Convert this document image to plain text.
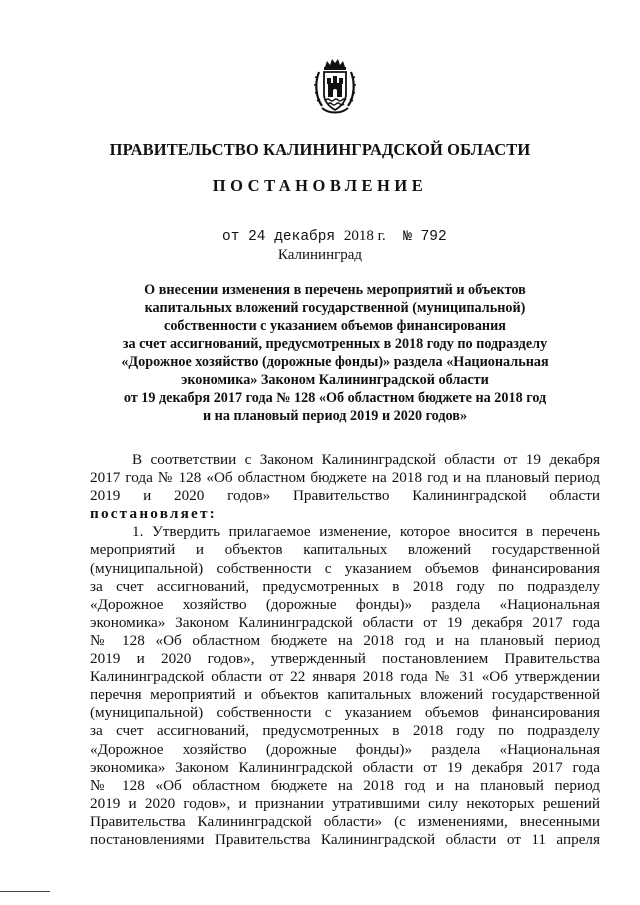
ПРАВИТЕЛЬСТВО КАЛИНИНГРАДСКОЙ ОБЛАСТИ
ПОСТАНОВЛЕНИЕ
от 24 декабря 2018 г. № 792
Калининград
О внесении изменения в перечень мероприятий и объектов
капитальных вложений государственной (муниципальной)
собственности с указанием объемов финансирования
за счет ассигнований, предусмотренных в 2018 году по подразделу
«Дорожное хозяйство (дорожные фонды)» раздела «Национальная
экономика» Законом Калининградской области
от 19 декабря 2017 года № 128 «Об областном бюджете на 2018 год
и на плановый период 2019 и 2020 годов»
В соответствии с Законом Калининградской области от 19 декабря
2017 года № 128 «Об областном бюджете на 2018 год и на плановый период
2019 и 2020 годов» Правительство Калининградской области
постановляет:
1. Утвердить прилагаемое изменение, которое вносится в перечень
мероприятий и объектов капитальных вложений государственной
(муниципальной) собственности с указанием объемов финансирования
за счет ассигнований, предусмотренных в 2018 году по подразделу
«Дорожное хозяйство (дорожные фонды)» раздела «Национальная
экономика» Законом Калининградской области от 19 декабря 2017 года
№ 128 «Об областном бюджете на 2018 год и на плановый период
2019 и 2020 годов», утвержденный постановлением Правительства
Калининградской области от 22 января 2018 года № 31 «Об утверждении
перечня мероприятий и объектов капитальных вложений государственной
(муниципальной) собственности с указанием объемов финансирования
за счет ассигнований, предусмотренных в 2018 году по подразделу
«Дорожное хозяйство (дорожные фонды)» раздела «Национальная
экономика» Законом Калининградской области от 19 декабря 2017 года
№ 128 «Об областном бюджете на 2018 год и на плановый период
2019 и 2020 годов», и признании утратившими силу некоторых решений
Правительства Калининградской области» (с изменениями, внесенными
постановлениями Правительства Калининградской области от 11 апреля
